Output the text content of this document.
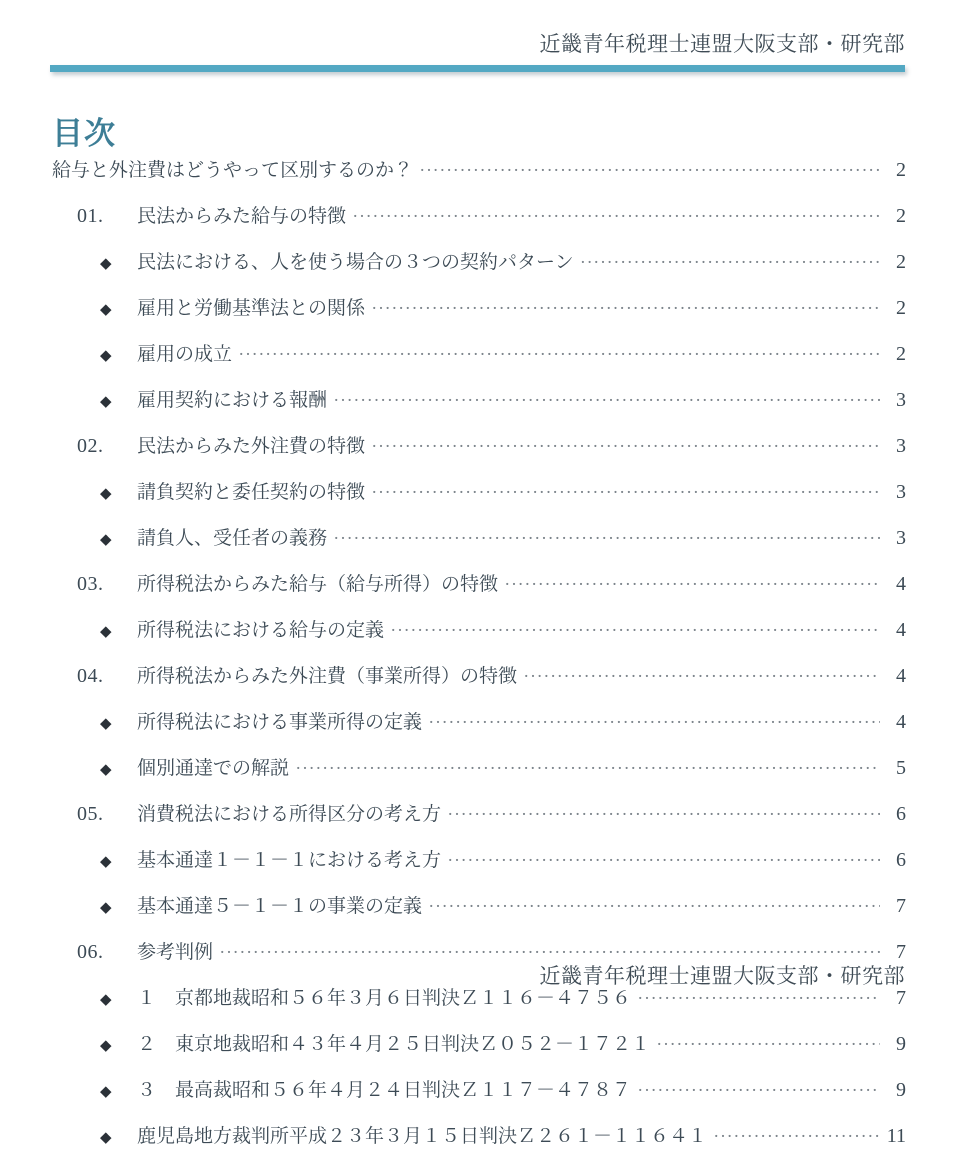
近畿青年税理士連盟大阪支部・研究部
目次
給与と外注費はどうやって区別するのか？ .....	2
01.	民法からみた給与の特徴 .....	2
◆	民法における、人を使う場合の３つの契約パターン .....	2
◆	雇用と労働基準法との関係 .....	2
◆	雇用の成立 .....	2
◆	雇用契約における報酬 .....	3
02.	民法からみた外注費の特徴 .....	3
◆	請負契約と委任契約の特徴 .....	3
◆	請負人、受任者の義務 .....	3
03.	所得税法からみた給与（給与所得）の特徴 .....	4
◆	所得税法における給与の定義 .....	4
04.	所得税法からみた外注費（事業所得）の特徴 .....	4
◆	所得税法における事業所得の定義 .....	4
◆	個別通達での解説 .....	5
05.	消費税法における所得区分の考え方 .....	6
◆	基本通達１－１－１における考え方 .....	6
◆	基本通達５－１－１の事業の定義 .....	7
06.	参考判例 .....	7
◆	１　京都地裁昭和５６年３月６日判決Ｚ１１６－４７５６ .....	7
◆	２　東京地裁昭和４３年４月２５日判決Ｚ０５２－１７２１ .....	9
◆	３　最高裁昭和５６年４月２４日判決Ｚ１１７－４７８７ .....	9
◆	鹿児島地方裁判所平成２３年３月１５日判決Ｚ２６１－１１６４１ .....	11
近畿青年税理士連盟大阪支部・研究部
